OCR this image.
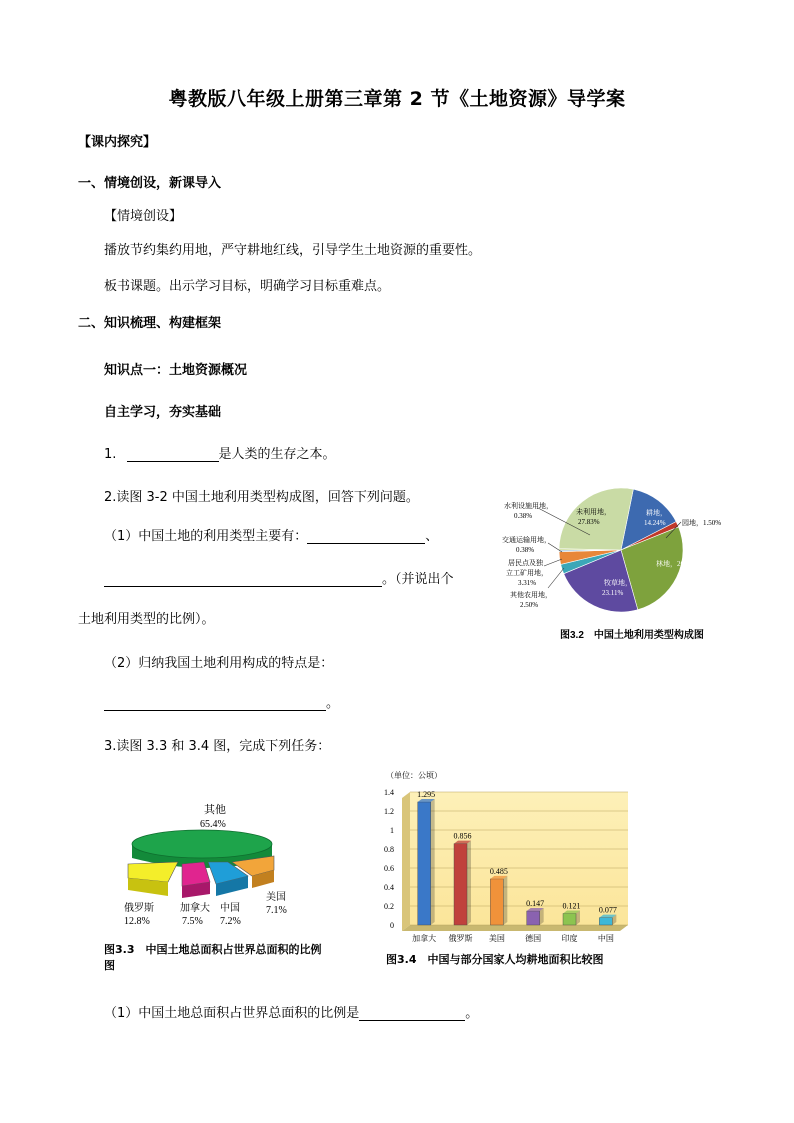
粤教版八年级上册第三章第 2 节《土地资源》导学案
【课内探究】
一、情境创设，新课导入
【情境创设】
播放节约集约用地，严守耕地红线，引导学生土地资源的重要性。
板书课题。出示学习目标，明确学习目标重难点。
二、知识梳理、构建框架
知识点一：土地资源概况
自主学习，夯实基础
1.	是人类的生存之本。
2.读图 3-2 中国土地利用类型构成图，回答下列问题。
（1）中国土地的利用类型主要有：	、
。（并说出个
土地利用类型的比例）。
（2）归纳我国土地利用构成的特点是：
。
3.读图 3.3 和 3.4 图，完成下列任务：
（1）中国土地总面积占世界总面积的比例是	。
水利设施用地，
0.38%
交通运输用地，
0.38%
居民点及独
立工矿用地，
3.31%
其他农用地，
2.50%
园地，1.50%
未利用地，
27.83%
耕地，
14.24%
林地，26.69%
牧草地，
23.11%
图3.2　中国土地利用类型构成图
其他
65.4%
俄罗斯
12.8%
加拿大
7.5%
中国
7.2%
美国
7.1%
图3.3　中国土地总面积占世界总面积的比例图
（单位：公顷）
0
0.2
0.4
0.6
0.8
1
1.2
1.4	1.295
0.856
0.485
0.147 0.121 0.077
加拿大 俄罗斯 美国	德国	印度	中国
图3.4　中国与部分国家人均耕地面积比较图
